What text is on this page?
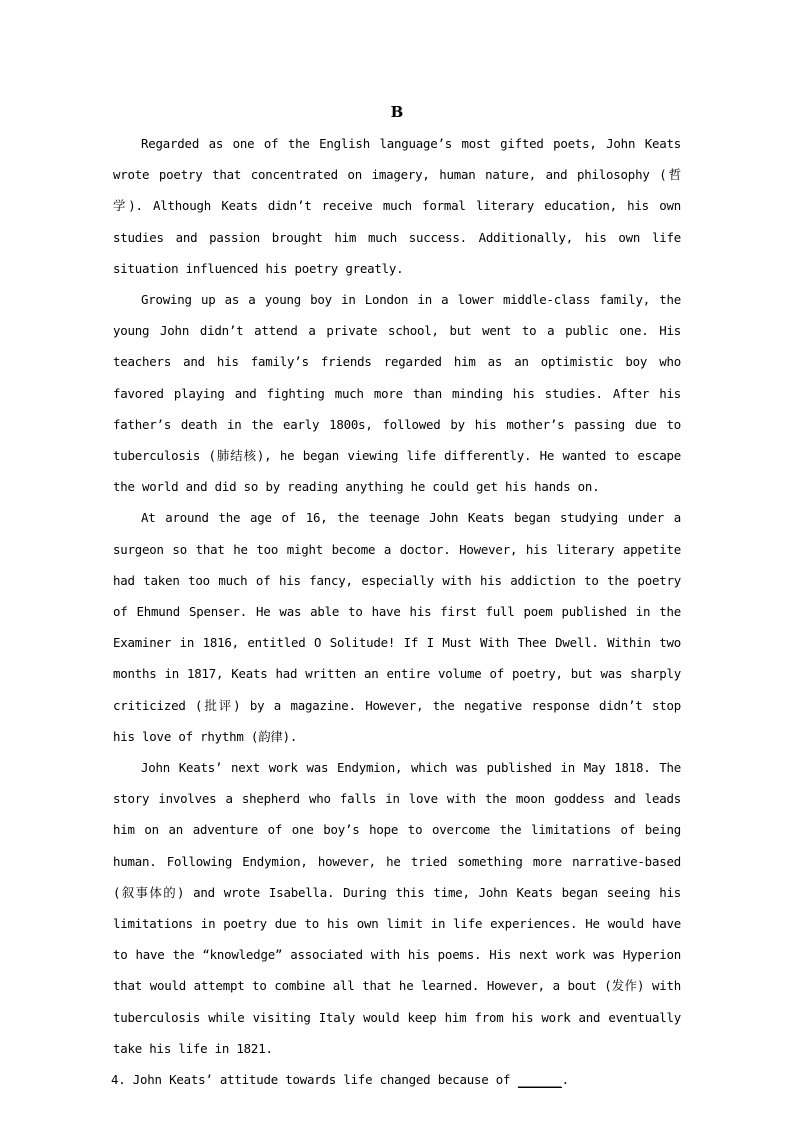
B

Regarded as one of the English language’s most gifted poets, John Keats wrote poetry that concentrated on imagery, human nature, and philosophy (哲学). Although Keats didn’t receive much formal literary education, his own studies and passion brought him much success. Additionally, his own life situation influenced his poetry greatly.

Growing up as a young boy in London in a lower middle-class family, the young John didn’t attend a private school, but went to a public one. His teachers and his family’s friends regarded him as an optimistic boy who favored playing and fighting much more than minding his studies. After his father’s death in the early 1800s, followed by his mother’s passing due to tuberculosis (肺结核), he began viewing life differently. He wanted to escape the world and did so by reading anything he could get his hands on.

At around the age of 16, the teenage John Keats began studying under a surgeon so that he too might become a doctor. However, his literary appetite had taken too much of his fancy, especially with his addiction to the poetry of Ehmund Spenser. He was able to have his first full poem published in the Examiner in 1816, entitled O Solitude! If I Must With Thee Dwell. Within two months in 1817, Keats had written an entire volume of poetry, but was sharply criticized (批评) by a magazine. However, the negative response didn’t stop his love of rhythm (韵律).

John Keats’ next work was Endymion, which was published in May 1818. The story involves a shepherd who falls in love with the moon goddess and leads him on an adventure of one boy’s hope to overcome the limitations of being human. Following Endymion, however, he tried something more narrative-based (叙事体的) and wrote Isabella. During this time, John Keats began seeing his limitations in poetry due to his own limit in life experiences. He would have to have the “knowledge” associated with his poems. His next work was Hyperion that would attempt to combine all that he learned. However, a bout (发作) with tuberculosis while visiting Italy would keep him from his work and eventually take his life in 1821.

4. John Keats’ attitude towards life changed because of ______.
